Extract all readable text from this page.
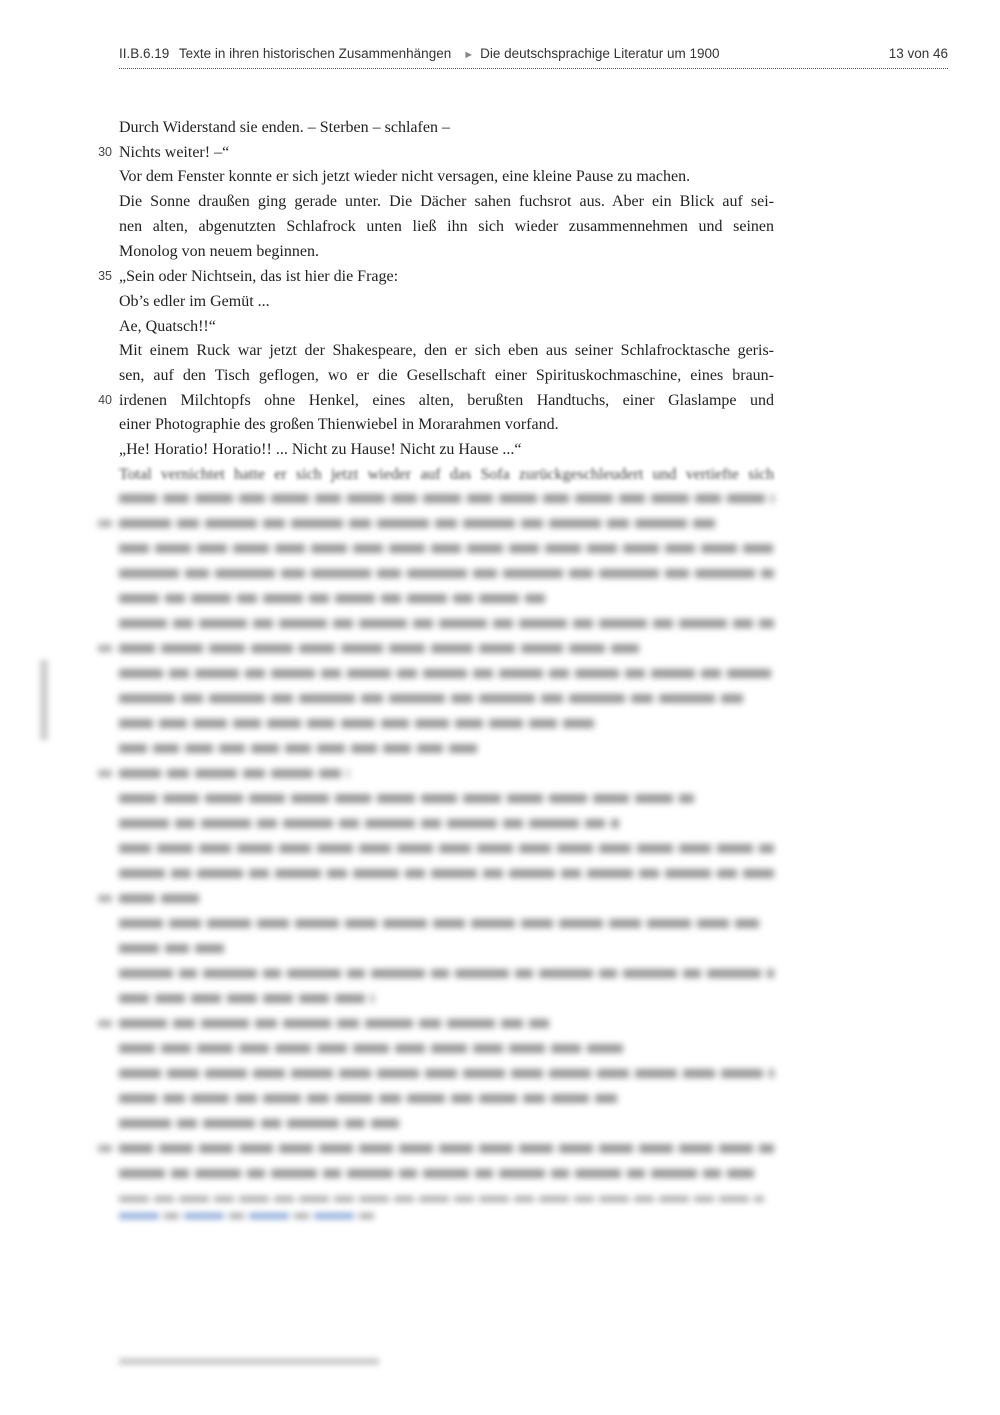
II.B.6.19 Texte in ihren historischen Zusammenhängen ► Die deutschsprachige Literatur um 1900	13 von 46
Durch Widerstand sie enden. – Sterben – schlafen –
30 Nichts weiter! –“
Vor dem Fenster konnte er sich jetzt wieder nicht versagen, eine kleine Pause zu machen.
Die Sonne draußen ging gerade unter. Die Dächer sahen fuchsrot aus. Aber ein Blick auf sei-
nen alten, abgenutzten Schlafrock unten ließ ihn sich wieder zusammennehmen und seinen
Monolog von neuem beginnen.
35 „Sein oder Nichtsein, das ist hier die Frage:
Ob’s edler im Gemüt ...
Ae, Quatsch!!“
Mit einem Ruck war jetzt der Shakespeare, den er sich eben aus seiner Schlafrocktasche geris-
sen, auf den Tisch geflogen, wo er die Gesellschaft einer Spirituskochmaschine, eines braun-
40 irdenen Milchtopfs ohne Henkel, eines alten, berußten Handtuchs, einer Glaslampe und
einer Photographie des großen Thienwiebel in Morarahmen vorfand.
„He! Horatio! Horatio!! ... Nicht zu Hause! Nicht zu Hause ...“
Total vernichtet hatte er sich jetzt wieder auf das Sofa zurückgeschleudert und vertiefte sich
